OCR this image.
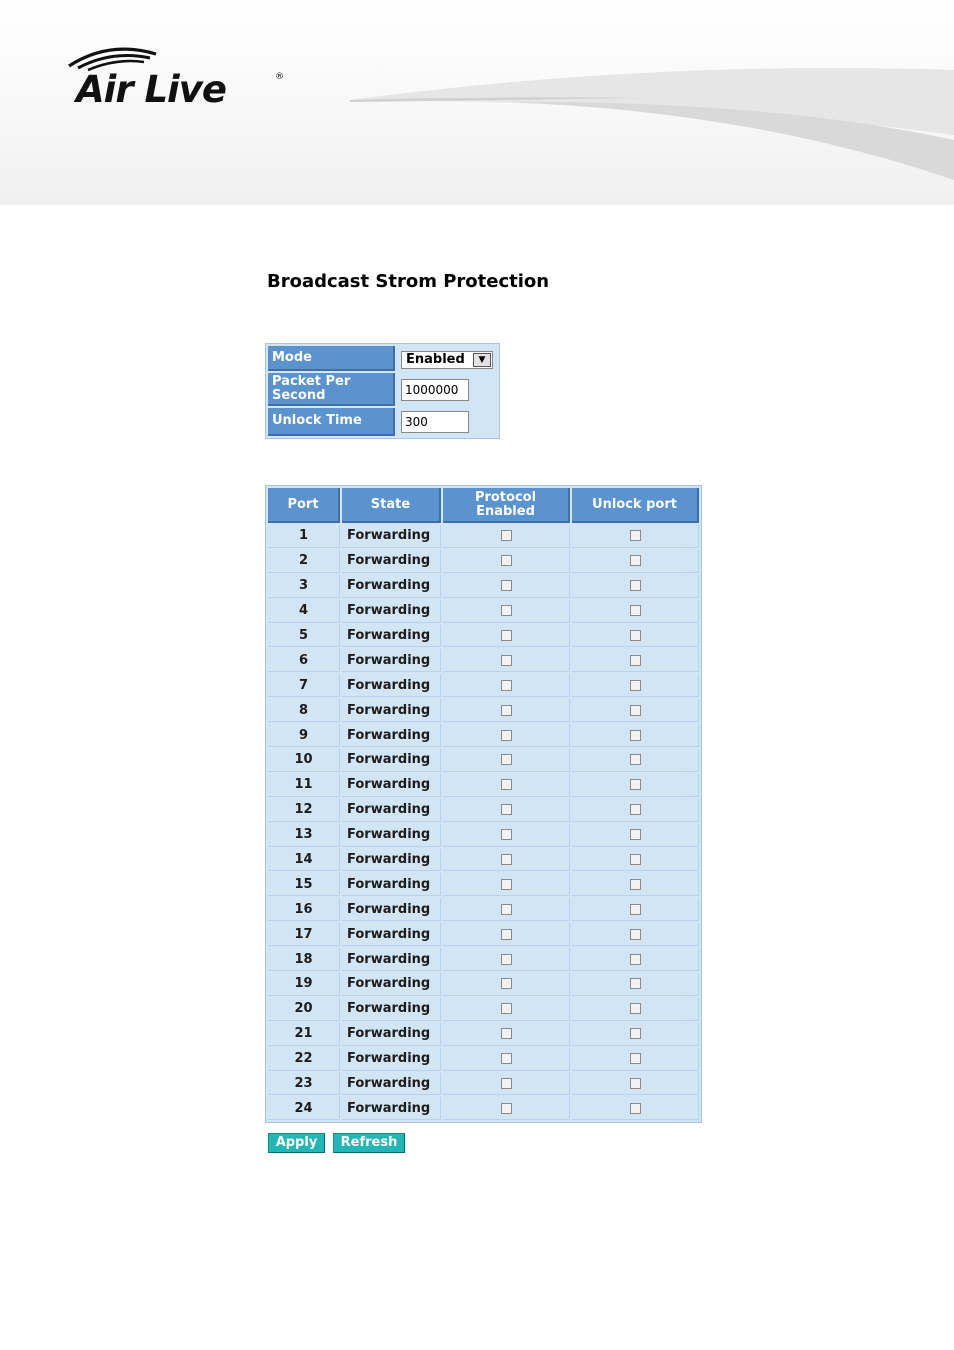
Air Live	®
Broadcast Strom Protection
Mode	Enabled ▼

Packet Per Second	1000000
Unlock Time	300
Port	State	Protocol Enabled	Unlock port
1	Forwarding		
2	Forwarding		
3	Forwarding		
4	Forwarding		
5	Forwarding		
6	Forwarding		
7	Forwarding		
8	Forwarding		
9	Forwarding		
10	Forwarding		
11	Forwarding		
12	Forwarding		
13	Forwarding		
14	Forwarding		
15	Forwarding		
16	Forwarding		
17	Forwarding		
18	Forwarding		
19	Forwarding		
20	Forwarding		
21	Forwarding		
22	Forwarding		
23	Forwarding		
24	Forwarding		
Apply	Refresh
